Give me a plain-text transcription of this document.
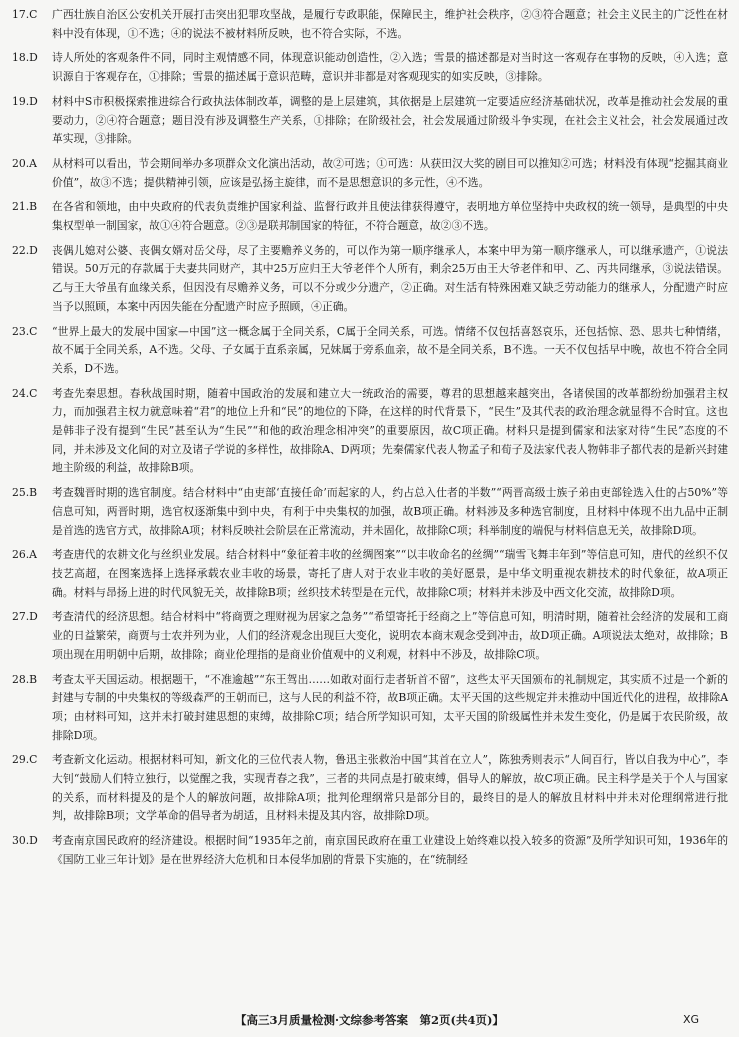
17.C	广西壮族自治区公安机关开展打击突出犯罪攻坚战，是履行专政职能，保障民主，维护社会秩序，②③符合题意；社会主义民主的广泛性在材料中没有体现，①不选；④的说法不被材料所反映，也不符合实际，不选。
18.D	诗人所处的客观条件不同，同时主观情感不同，体现意识能动创造性，②入选；雪景的描述都是对当时这一客观存在事物的反映，④入选；意识源自于客观存在，①排除；雪景的描述属于意识范畴，意识并非都是对客观现实的如实反映，③排除。
19.D	材料中S市积极探索推进综合行政执法体制改革，调整的是上层建筑，其依据是上层建筑一定要适应经济基础状况，改革是推动社会发展的重要动力，②④符合题意；题目没有涉及调整生产关系，①排除；在阶级社会，社会发展通过阶级斗争实现，在社会主义社会，社会发展通过改革实现，③排除。
20.A	从材料可以看出，节会期间举办多项群众文化演出活动，故②可选；①可选：从获田汉大奖的剧目可以推知②可选；材料没有体现“挖掘其商业价值”，故③不选；提供精神引领，应该是弘扬主旋律，而不是思想意识的多元性，④不选。
21.B	在各省和领地，由中央政府的代表负责维护国家利益、监督行政并且使法律获得遵守，表明地方单位坚持中央政权的统一领导，是典型的中央集权型单一制国家，故①④符合题意。②③是联邦制国家的特征，不符合题意，故②③不选。
22.D	丧偶儿媳对公婆、丧偶女婿对岳父母，尽了主要赡养义务的，可以作为第一顺序继承人，本案中甲为第一顺序继承人，可以继承遗产，①说法错误。50万元的存款属于夫妻共同财产，其中25万应归王大爷老伴个人所有，剩余25万由王大爷老伴和甲、乙、丙共同继承，③说法错误。乙与王大爷虽有血缘关系，但因没有尽赡养义务，可以不分或少分遗产，②正确。对生活有特殊困难又缺乏劳动能力的继承人，分配遗产时应当予以照顾，本案中丙因失能在分配遗产时应予照顾，④正确。
23.C	“世界上最大的发展中国家—中国”这一概念属于全同关系，C属于全同关系，可选。情绪不仅包括喜怒哀乐，还包括惊、恐、思共七种情绪，故不属于全同关系，A不选。父母、子女属于直系亲属，兄妹属于旁系血亲，故不是全同关系，B不选。一天不仅包括早中晚，故也不符合全同关系，D不选。
24.C	考查先秦思想。春秋战国时期，随着中国政治的发展和建立大一统政治的需要，尊君的思想越来越突出，各诸侯国的改革都纷纷加强君主权力，而加强君主权力就意味着“君”的地位上升和“民”的地位的下降，在这样的时代背景下，“民生”及其代表的政治理念就显得不合时宜。这也是韩非子没有提到“生民”甚至认为“生民”“和他的政治理念相冲突”的重要原因，故C项正确。材料只是提到儒家和法家对待“生民”态度的不同，并未涉及文化间的对立及诸子学说的多样性，故排除A、D两项；先秦儒家代表人物孟子和荀子及法家代表人物韩非子都代表的是新兴封建地主阶级的利益，故排除B项。
25.B	考查魏晋时期的选官制度。结合材料中“由吏部‘直接任命’而起家的人，约占总入仕者的半数”“两晋高级士族子弟由吏部铨选入仕的占50%”等信息可知，两晋时期，选官权逐渐集中到中央，有利于中央集权的加强，故B项正确。材料涉及多种选官制度，且材料中体现不出九品中正制是首选的选官方式，故排除A项；材料反映社会阶层在正常流动，并未固化，故排除C项；科举制度的端倪与材料信息无关，故排除D项。
26.A	考查唐代的农耕文化与丝织业发展。结合材料中“象征着丰收的丝绸图案”“以丰收命名的丝绸”“瑞雪飞舞丰年到”等信息可知，唐代的丝织不仅技艺高超，在图案选择上选择承载农业丰收的场景，寄托了唐人对于农业丰收的美好愿景，是中华文明重视农耕技术的时代象征，故A项正确。材料与昂扬上进的时代风貌无关，故排除B项；丝织技术转型是在元代，故排除C项；材料并未涉及中西文化交流，故排除D项。
27.D	考查清代的经济思想。结合材料中“将商贾之理财视为居家之急务”“希望寄托于经商之上”等信息可知，明清时期，随着社会经济的发展和工商业的日益繁荣，商贾与士农并列为业，人们的经济观念出现巨大变化，说明农本商末观念受到冲击，故D项正确。A项说法太绝对，故排除；B项出现在用明朝中后期，故排除；商业伦理指的是商业价值观中的义利观，材料中不涉及，故排除C项。
28.B	考查太平天国运动。根据题干，“不准逾越”“东王驾出……如敢对面行走者斩首不留”，这些太平天国颁布的礼制规定，其实质不过是一个新的封建与专制的中央集权的等级森严的王朝而已，这与人民的利益不符，故B项正确。太平天国的这些规定并未推动中国近代化的进程，故排除A项；由材料可知，这并未打破封建思想的束缚，故排除C项；结合所学知识可知，太平天国的阶级属性并未发生变化，仍是属于农民阶级，故排除D项。
29.C	考查新文化运动。根据材料可知，新文化的三位代表人物，鲁迅主张救治中国“其首在立人”，陈独秀则表示“人间百行，皆以自我为中心”，李大钊“鼓励人们特立独行，以觉醒之我，实现青春之我”，三者的共同点是打破束缚，倡导人的解放，故C项正确。民主科学是关于个人与国家的关系，而材料提及的是个人的解放问题，故排除A项；批判伦理纲常只是部分目的，最终目的是人的解放且材料中并未对伦理纲常进行批判，故排除B项；文学革命的倡导者为胡适，且材料未提及其内容，故排除D项。
30.D	考查南京国民政府的经济建设。根据时间“1935年之前，南京国民政府在重工业建设上始终难以投入较多的资源”及所学知识可知，1936年的《国防工业三年计划》是在世界经济大危机和日本侵华加剧的背景下实施的，在“统制经
【高三3月质量检测·文综参考答案　第2页(共4页)】	XG
